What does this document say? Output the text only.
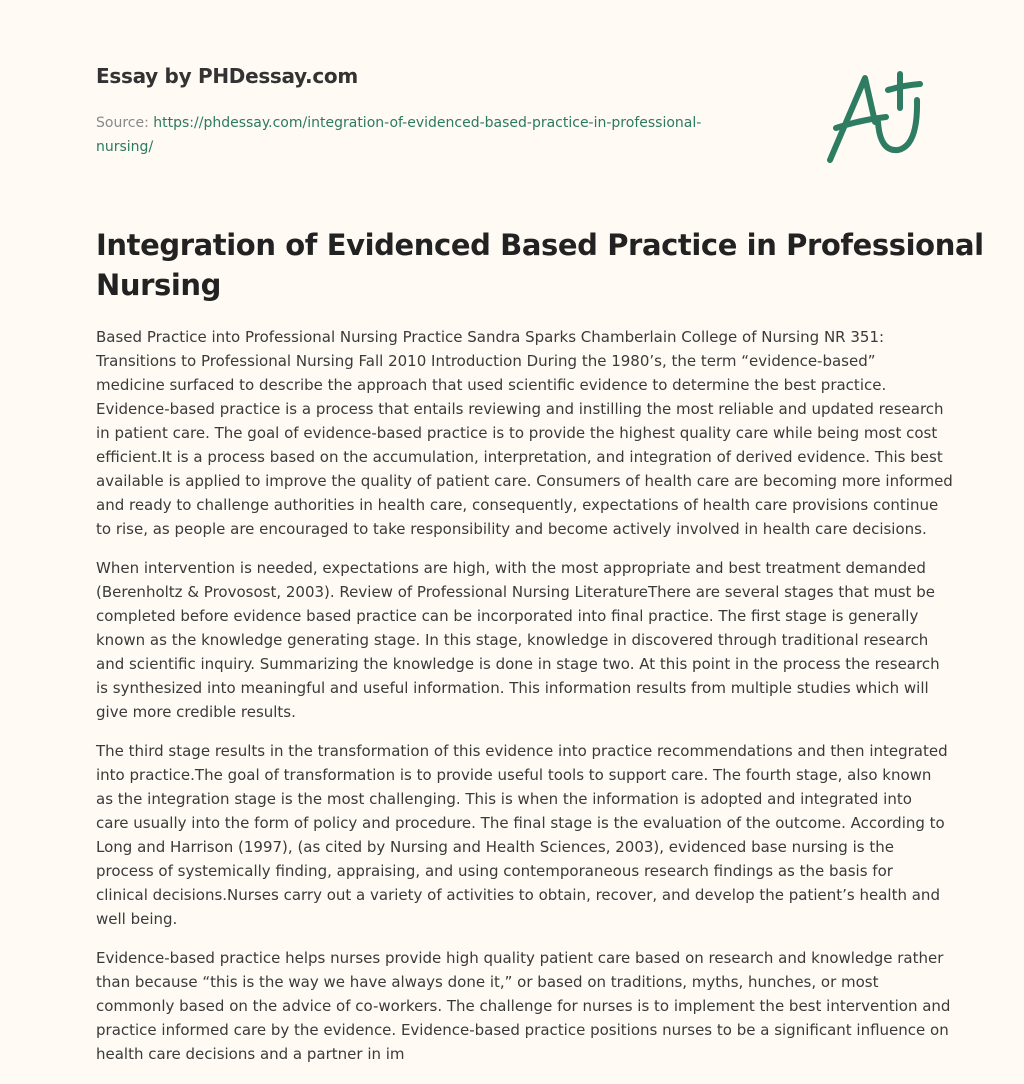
Essay by PHDessay.com
Source: https://phdessay.com/integration-of-evidenced-based-practice-in-professional-
nursing/
Integration of Evidenced Based Practice in Professional
Nursing

Based Practice into Professional Nursing Practice Sandra Sparks Chamberlain College of Nursing NR 351:
Transitions to Professional Nursing Fall 2010 Introduction During the 1980’s, the term “evidence-based”
medicine surfaced to describe the approach that used scientific evidence to determine the best practice.
Evidence-based practice is a process that entails reviewing and instilling the most reliable and updated research
in patient care. The goal of evidence-based practice is to provide the highest quality care while being most cost
efficient.It is a process based on the accumulation, interpretation, and integration of derived evidence. This best
available is applied to improve the quality of patient care. Consumers of health care are becoming more informed
and ready to challenge authorities in health care, consequently, expectations of health care provisions continue
to rise, as people are encouraged to take responsibility and become actively involved in health care decisions.

When intervention is needed, expectations are high, with the most appropriate and best treatment demanded
(Berenholtz & Provosost, 2003). Review of Professional Nursing LiteratureThere are several stages that must be
completed before evidence based practice can be incorporated into final practice. The first stage is generally
known as the knowledge generating stage. In this stage, knowledge in discovered through traditional research
and scientific inquiry. Summarizing the knowledge is done in stage two. At this point in the process the research
is synthesized into meaningful and useful information. This information results from multiple studies which will
give more credible results.

The third stage results in the transformation of this evidence into practice recommendations and then integrated
into practice.The goal of transformation is to provide useful tools to support care. The fourth stage, also known
as the integration stage is the most challenging. This is when the information is adopted and integrated into
care usually into the form of policy and procedure. The final stage is the evaluation of the outcome. According to
Long and Harrison (1997), (as cited by Nursing and Health Sciences, 2003), evidenced base nursing is the
process of systemically finding, appraising, and using contemporaneous research findings as the basis for
clinical decisions.Nurses carry out a variety of activities to obtain, recover, and develop the patient’s health and
well being.

Evidence-based practice helps nurses provide high quality patient care based on research and knowledge rather
than because “this is the way we have always done it,” or based on traditions, myths, hunches, or most
commonly based on the advice of co-workers. The challenge for nurses is to implement the best intervention and
practice informed care by the evidence. Evidence-based practice positions nurses to be a significant influence on
health care decisions and a partner in im
